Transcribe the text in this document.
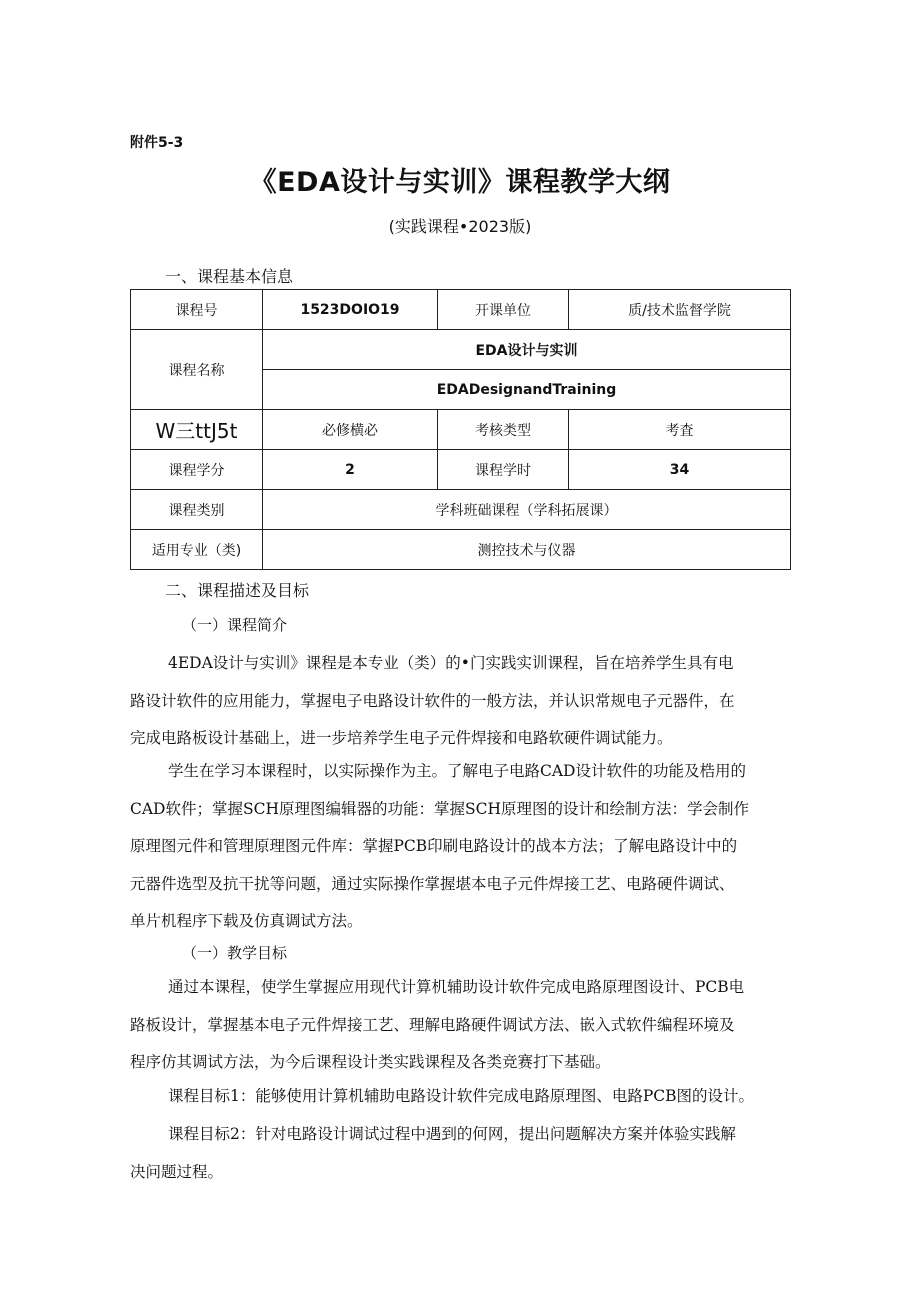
附件5-3
《EDA设计与实训》课程教学大纲
(实践课程•2023版)
一、课程基本信息
课程号	1523DOIO19	开课单位	质/技术监督学院
课程名称	EDA设计与实训		
	EDADesignandTraining		
W三ttJ5t	必修横必	考核类型	考査
课程学分	2	课程学时	34
课程类别	学科班础课程（学科拓展课）		
适用专业（类)	测控技术与仪器		
二、课程描述及目标
（一）课程简介
4EDA设计与实训》课程是本专业（类）的•门实践实训课程，旨在培养学生具有电
路设计软件的应用能力，掌握电子电路设计软件的一般方法，并认识常规电子元器件，在
完成电路板设计基础上，进一步培养学生电子元件焊接和电路软硬件调试能力。
学生在学习本课程时，以实际操作为主。了解电子电路CAD设计软件的功能及梏用的
CAD软件；掌握SCH原理图编辑器的功能：掌握SCH原理图的设计和绘制方法：学会制作
原理图元件和管理原理图元件库：掌握PCB印刷电路设计的战本方法；了解电路设计中的
元器件选型及抗干扰等问题，通过实际操作掌握堪本电子元件焊接工艺、电路硬件调试、
单片机程序下载及仿真调试方法。
（一）教学目标
通过本课程，使学生掌握应用现代计算机辅助设计软件完成电路原理图设计、PCB电
路板设计，掌握基本电子元件焊接工艺、理解电路硬件调试方法、嵌入式软件编程环境及
程序仿其调试方法，为今后课程设计类实践课程及各类竞赛打下基础。
课程目标1：能够使用计算机辅助电路设计软件完成电路原理图、电路PCB图的设计。
课程目标2：针对电路设计调试过程中遇到的何网，提出问题解决方案并体验实践解
决问题过程。
